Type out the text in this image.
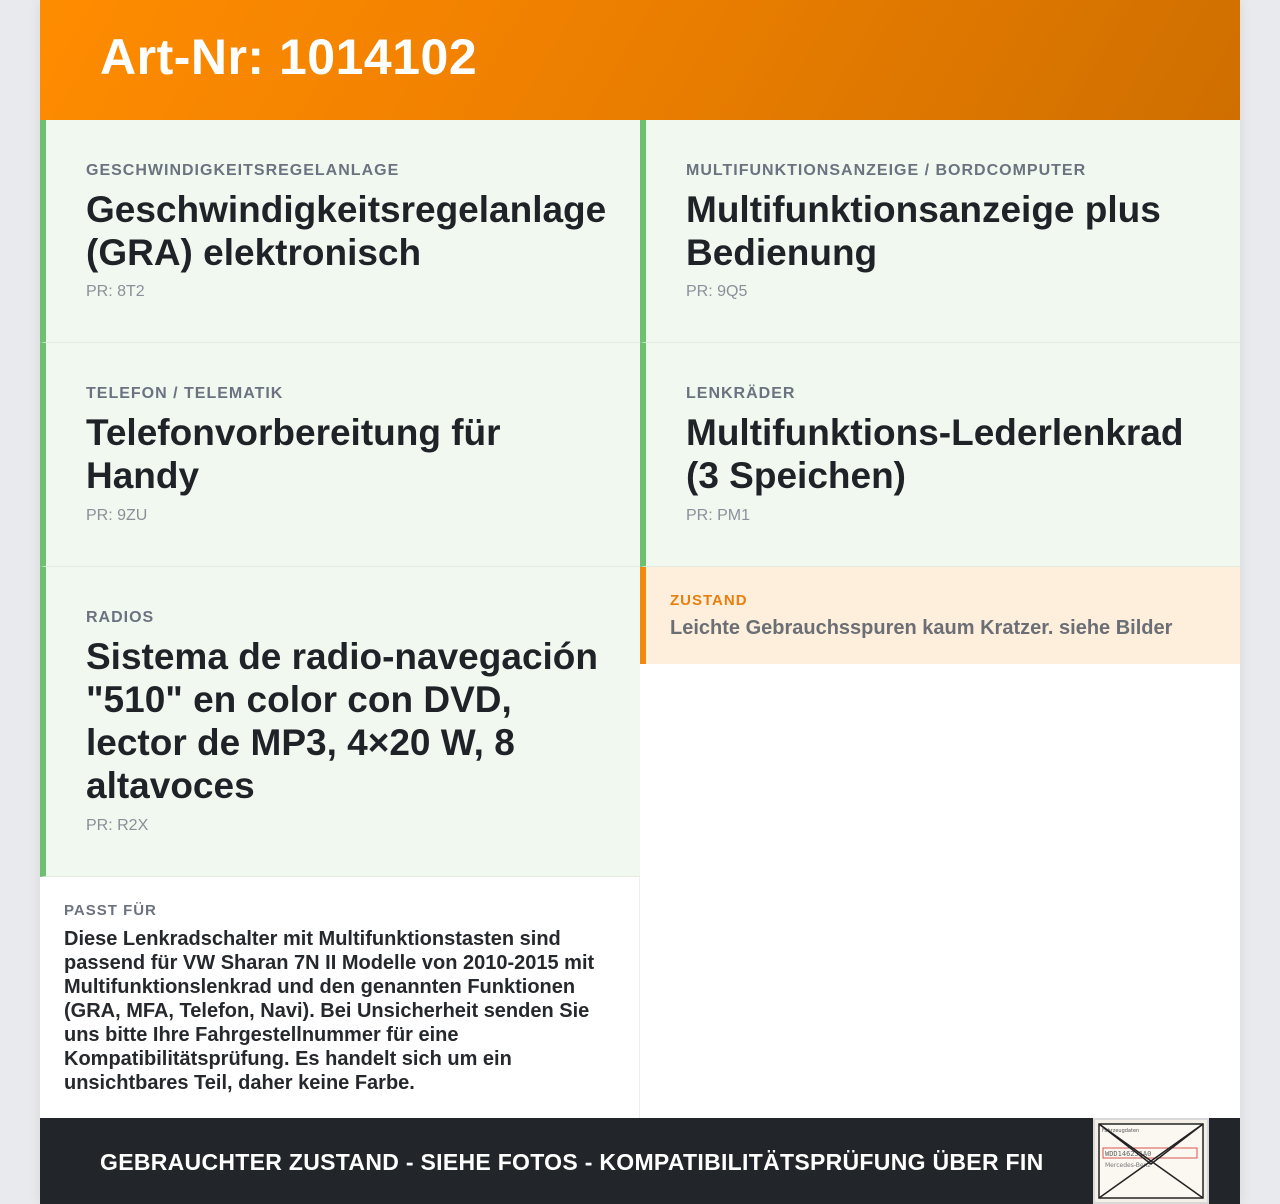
Art-Nr: 1014102
GESCHWINDIGKEITSREGELANLAGE
Geschwindigkeitsregelanlage (GRA) elektronisch
PR: 8T2
MULTIFUNKTIONSANZEIGE / BORDCOMPUTER
Multifunktionsanzeige plus Bedienung
PR: 9Q5
TELEFON / TELEMATIK
Telefonvorbereitung für Handy
PR: 9ZU
LENKRÄDER
Multifunktions-Lederlenkrad (3 Speichen)
PR: PM1
RADIOS
Sistema de radio-navegación "510" en color con DVD, lector de MP3, 4×20 W, 8 altavoces
PR: R2X
ZUSTAND
Leichte Gebrauchsspuren kaum Kratzer. siehe Bilder
PASST FÜR
Diese Lenkradschalter mit Multifunktionstasten sind passend für VW Sharan 7N II Modelle von 2010-2015 mit Multifunktionslenkrad und den genannten Funktionen (GRA, MFA, Telefon, Navi). Bei Unsicherheit senden Sie uns bitte Ihre Fahrgestellnummer für eine Kompatibilitätsprüfung. Es handelt sich um ein unsichtbares Teil, daher keine Farbe.
GEBRAUCHTER ZUSTAND - SIEHE FOTOS - KOMPATIBILITÄTSPRÜFUNG ÜBER FIN
Fahrzeugdaten
WDD1462J1A0
Mercedes-Benz
